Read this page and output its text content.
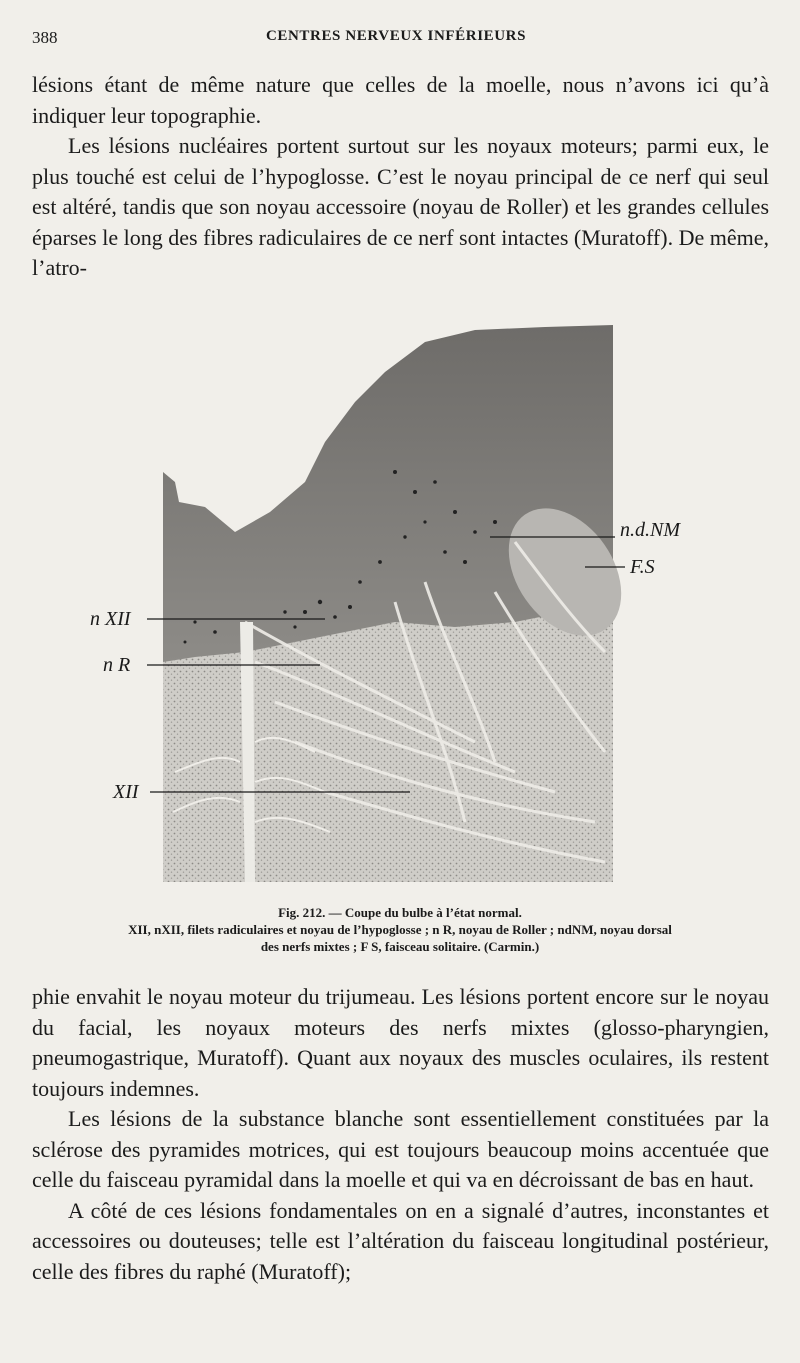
388	CENTRES NERVEUX INFÉRIEURS

lésions étant de même nature que celles de la moelle, nous n’avons ici qu’à indiquer leur topographie.

Les lésions nucléaires portent surtout sur les noyaux moteurs; parmi eux, le plus touché est celui de l’hypoglosse. C’est le noyau principal de ce nerf qui seul est altéré, tandis que son noyau accessoire (noyau de Roller) et les grandes cellules éparses le long des fibres radiculaires de ce nerf sont intactes (Muratoff). De même, l’atro-

n XII
n R
XII
n.d.NM
F.S
Fig. 212. — Coupe du bulbe à l’état normal.
XII, nXII, filets radiculaires et noyau de l’hypoglosse ; n R, noyau de Roller ; ndNM, noyau dorsal
des nerfs mixtes ; F S, faisceau solitaire. (Carmin.)

phie envahit le noyau moteur du trijumeau. Les lésions portent encore sur le noyau du facial, les noyaux moteurs des nerfs mixtes (glosso-pharyngien, pneumogastrique, Muratoff). Quant aux noyaux des muscles oculaires, ils restent toujours indemnes.

Les lésions de la substance blanche sont essentiellement constituées par la sclérose des pyramides motrices, qui est toujours beaucoup moins accentuée que celle du faisceau pyramidal dans la moelle et qui va en décroissant de bas en haut.

A côté de ces lésions fondamentales on en a signalé d’autres, inconstantes et accessoires ou douteuses; telle est l’altération du faisceau longitudinal postérieur, celle des fibres du raphé (Muratoff);
